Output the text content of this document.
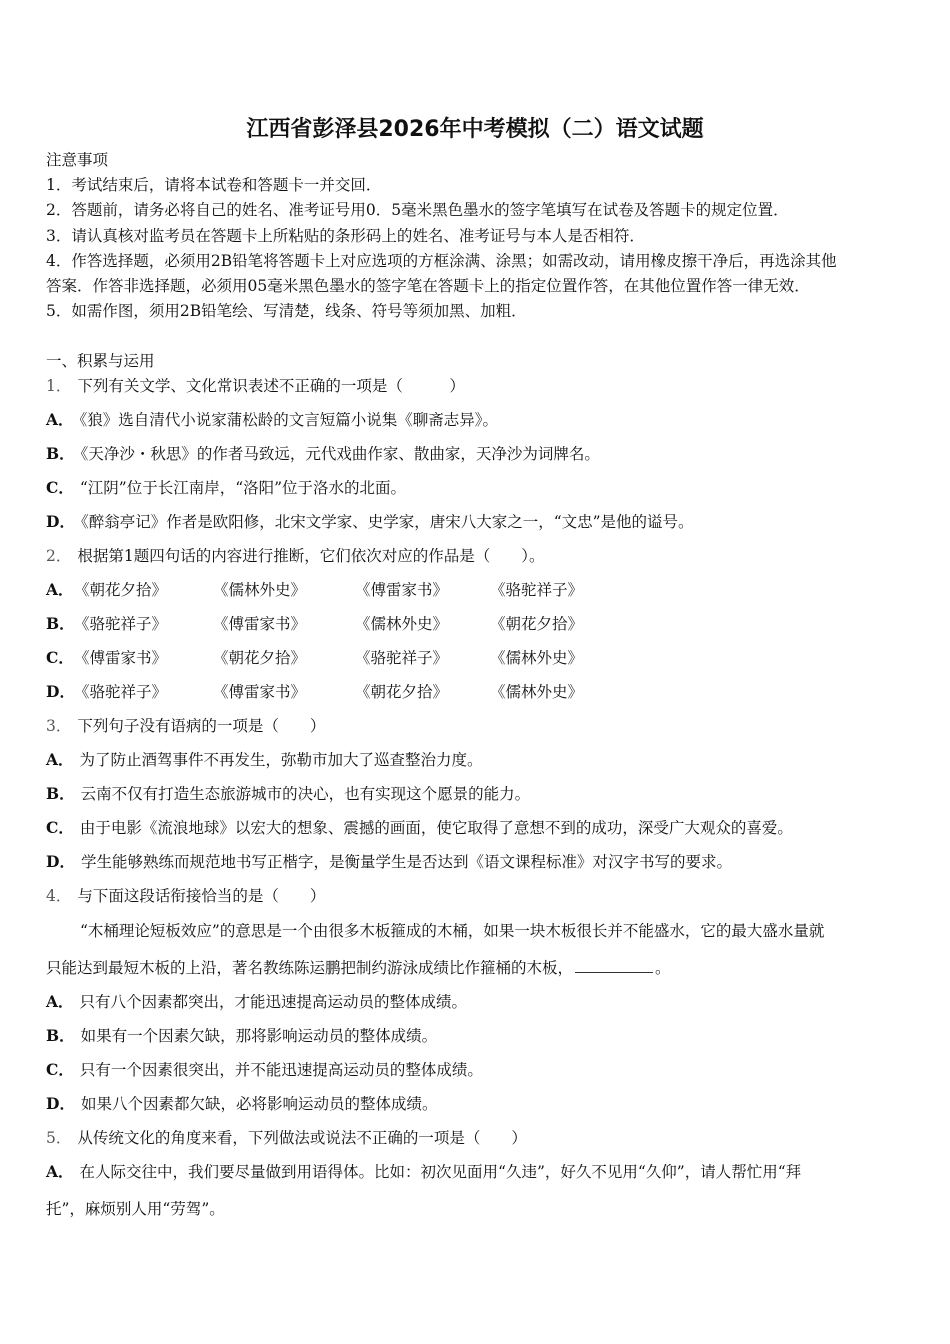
江西省彭泽县2026年中考模拟（二）语文试题
注意事项
1．考试结束后，请将本试卷和答题卡一并交回．
2．答题前，请务必将自己的姓名、准考证号用0．5毫米黑色墨水的签字笔填写在试卷及答题卡的规定位置．
3．请认真核对监考员在答题卡上所粘贴的条形码上的姓名、准考证号与本人是否相符．
4．作答选择题，必须用2B铅笔将答题卡上对应选项的方框涂满、涂黑；如需改动，请用橡皮擦干净后，再选涂其他
答案．作答非选择题，必须用05毫米黑色墨水的签字笔在答题卡上的指定位置作答，在其他位置作答一律无效．
5．如需作图，须用2B铅笔绘、写清楚，线条、符号等须加黑、加粗．
一、积累与运用
1． 下列有关文学、文化常识表述不正确的一项是（　　　）
A． 《狼》选自清代小说家蒲松龄的文言短篇小说集《聊斋志异》。
B． 《天净沙・秋思》的作者马致远，元代戏曲作家、散曲家，天净沙为词牌名。
C． “江阴”位于长江南岸，“洛阳”位于洛水的北面。
D． 《醉翁亭记》作者是欧阳修，北宋文学家、史学家，唐宋八大家之一，“文忠”是他的谥号。
2． 根据第1题四句话的内容进行推断，它们依次对应的作品是（　　）。
A． 《朝花夕拾》	《儒林外史》	《傅雷家书》	《骆驼祥子》
B． 《骆驼祥子》	《傅雷家书》	《儒林外史》	《朝花夕拾》
C． 《傅雷家书》	《朝花夕拾》	《骆驼祥子》	《儒林外史》
D． 《骆驼祥子》	《傅雷家书》	《朝花夕拾》	《儒林外史》
3． 下列句子没有语病的一项是（　　）
A． 为了防止酒驾事件不再发生，弥勒市加大了巡查整治力度。
B． 云南不仅有打造生态旅游城市的决心，也有实现这个愿景的能力。
C． 由于电影《流浪地球》以宏大的想象、震撼的画面，使它取得了意想不到的成功，深受广大观众的喜爱。
D． 学生能够熟练而规范地书写正楷字，是衡量学生是否达到《语文课程标准》对汉字书写的要求。
4． 与下面这段话衔接恰当的是（　　）
“木桶理论短板效应”的意思是一个由很多木板箍成的木桶，如果一块木板很长并不能盛水，它的最大盛水量就
只能达到最短木板的上沿，著名教练陈运鹏把制约游泳成绩比作箍桶的木板，	。
A． 只有八个因素都突出，才能迅速提高运动员的整体成绩。
B． 如果有一个因素欠缺，那将影响运动员的整体成绩。
C． 只有一个因素很突出，并不能迅速提高运动员的整体成绩。
D． 如果八个因素都欠缺，必将影响运动员的整体成绩。
5． 从传统文化的角度来看，下列做法或说法不正确的一项是（　　）
A． 在人际交往中，我们要尽量做到用语得体。比如：初次见面用“久违”，好久不见用“久仰”，请人帮忙用“拜
托”，麻烦别人用“劳驾”。
